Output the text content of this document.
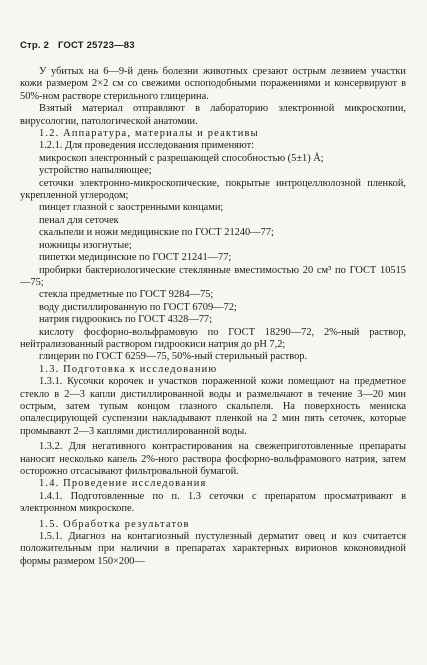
Стр. 2 ГОСТ 25723—83

У убитых на 6—9-й день болезни животных срезают острым лезвием участки кожи размером 2×2 см со свежими оспоподобными поражениями и консервируют в 50%-ном растворе стерильного глицерина.

Взятый материал отправляют в лабораторию электронной микроскопии, вирусологии, патологической анатомии.

1.2. Аппаратура, материалы и реактивы

1.2.1. Для проведения исследования применяют:

микроскоп электронный с разрешающей способностью (5±1) Å;

устройство напыляющее;

сеточки электронно-микроскопические, покрытые интроцеллюлозной пленкой, укрепленной углеродом;

пинцет глазной с заостренными концами;

пенал для сеточек

скальпели и ножи медицинские по ГОСТ 21240—77;

ножницы изогнутые;

пипетки медицинские по ГОСТ 21241—77;

пробирки бактериологические стеклянные вместимостью 20 см³ по ГОСТ 10515—75;

стекла предметные по ГОСТ 9284—75;

воду дистиллированную по ГОСТ 6709—72;

натрия гидроокись по ГОСТ 4328—77;

кислоту фосфорно-вольфрамовую по ГОСТ 18290—72, 2%-ный раствор, нейтрализованный раствором гидроокиси натрия до pH 7,2;

глицерин по ГОСТ 6259—75, 50%-ный стерильный раствор.

1.3. Подготовка к исследованию

1.3.1. Кусочки корочек и участков пораженной кожи помещают на предметное стекло в 2—3 капли дистиллированной воды и размельчают в течение 3—20 мин острым, затем тупым концом глазного скальпеля. На поверхность мениска опалесцирующей суспензии накладывают пленкой на 2 мин пять сеточек, которые промывают 2—3 каплями дистиллированной воды.

1.3.2. Для негативного контрастирования на свежеприготовленные препараты наносят несколько капель 2%-ного раствора фосфорно-вольфрамового натрия, затем осторожно отсасывают фильтровальной бумагой.

1.4. Проведение исследования

1.4.1. Подготовленные по п. 1.3 сеточки с препаратом просматривают в электронном микроскопе.

1.5. Обработка результатов

1.5.1. Диагноз на контагиозный пустулезный дерматит овец и коз считается положительным при наличии в препаратах характерных вирионов коконовидной формы размером 150×200—
